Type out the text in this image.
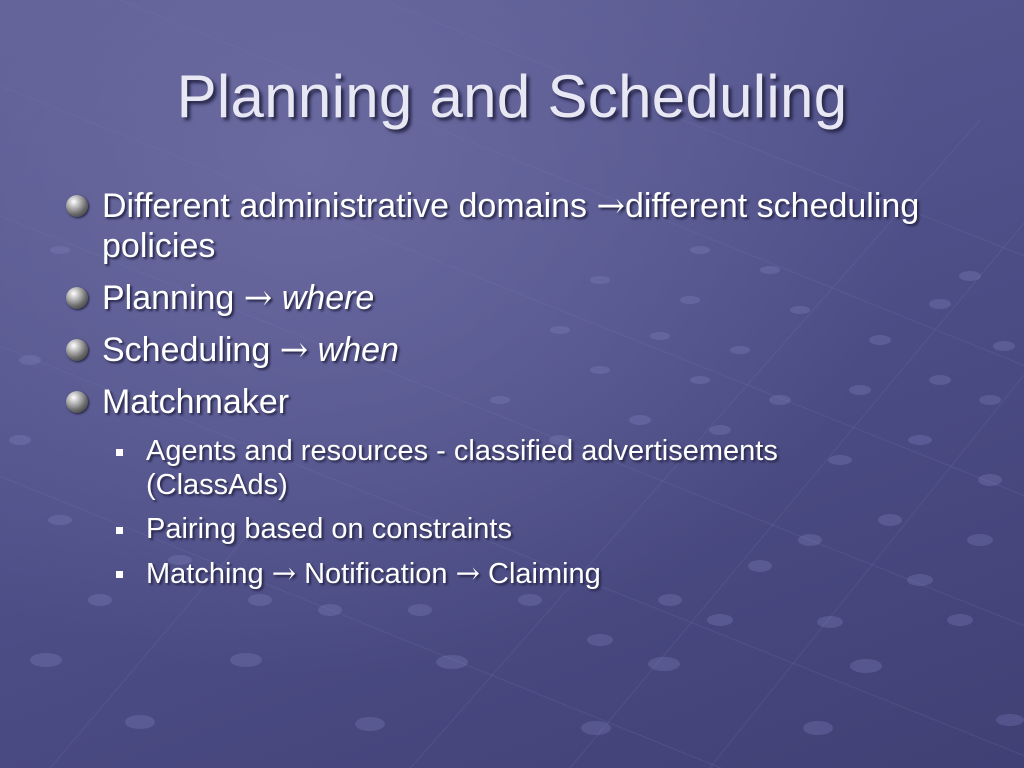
Planning and Scheduling
Different administrative domains →different scheduling policies
Planning → where
Scheduling → when
Matchmaker
Agents and resources - classified advertisements (ClassAds)
Pairing based on constraints
Matching → Notification → Claiming
